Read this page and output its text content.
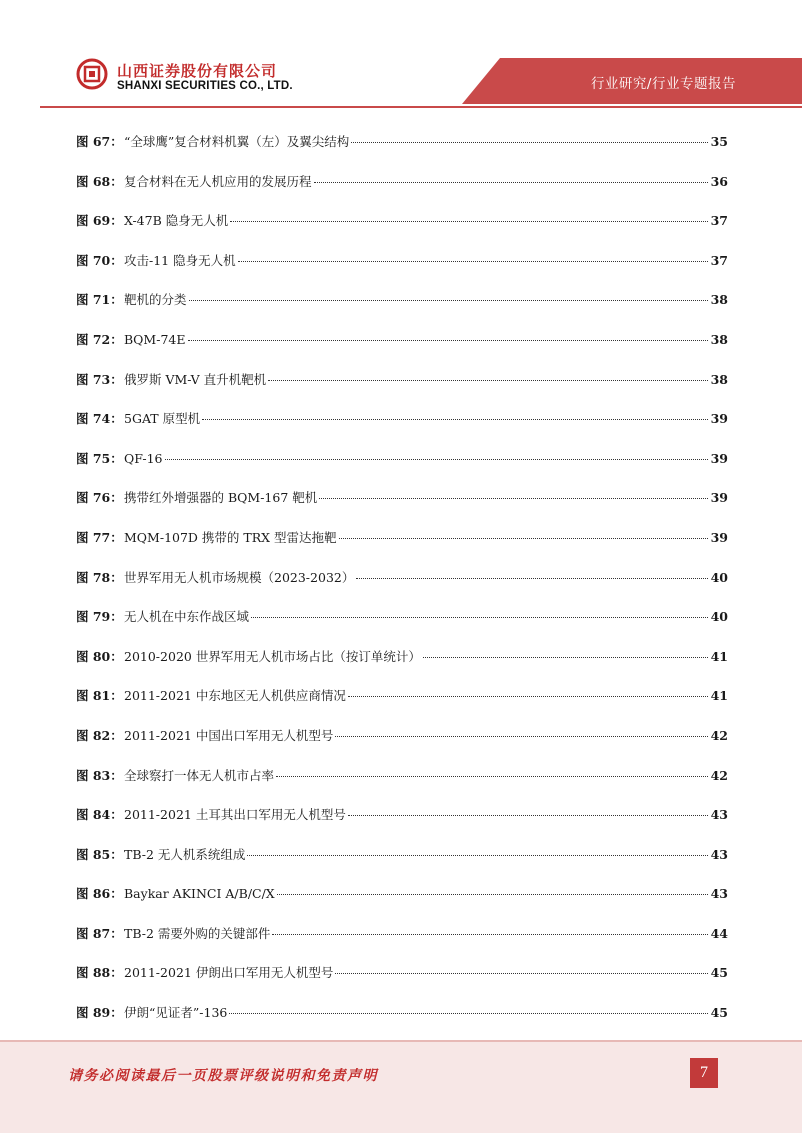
山西证券股份有限公司
SHANXI SECURITIES CO., LTD.	行业研究/行业专题报告
图 67： “全球鹰”复合材料机翼（左）及翼尖结构	35
图 68： 复合材料在无人机应用的发展历程	36
图 69： X-47B 隐身无人机	37
图 70： 攻击-11 隐身无人机	37
图 71： 靶机的分类	38
图 72： BQM-74E	38
图 73： 俄罗斯 VM-V 直升机靶机	38
图 74： 5GAT 原型机	39
图 75： QF-16	39
图 76： 携带红外增强器的 BQM-167 靶机	39
图 77： MQM-107D 携带的 TRX 型雷达拖靶	39
图 78： 世界军用无人机市场规模（2023-2032）	40
图 79： 无人机在中东作战区域	40
图 80： 2010-2020 世界军用无人机市场占比（按订单统计）	41
图 81： 2011-2021 中东地区无人机供应商情况	41
图 82： 2011-2021 中国出口军用无人机型号	42
图 83： 全球察打一体无人机市占率	42
图 84： 2011-2021 土耳其出口军用无人机型号	43
图 85： TB-2 无人机系统组成	43
图 86： Baykar AKINCI A/B/C/X	43
图 87： TB-2 需要外购的关键部件	44
图 88： 2011-2021 伊朗出口军用无人机型号	45
图 89： 伊朗“见证者”-136	45
请务必阅读最后一页股票评级说明和免责声明	7
